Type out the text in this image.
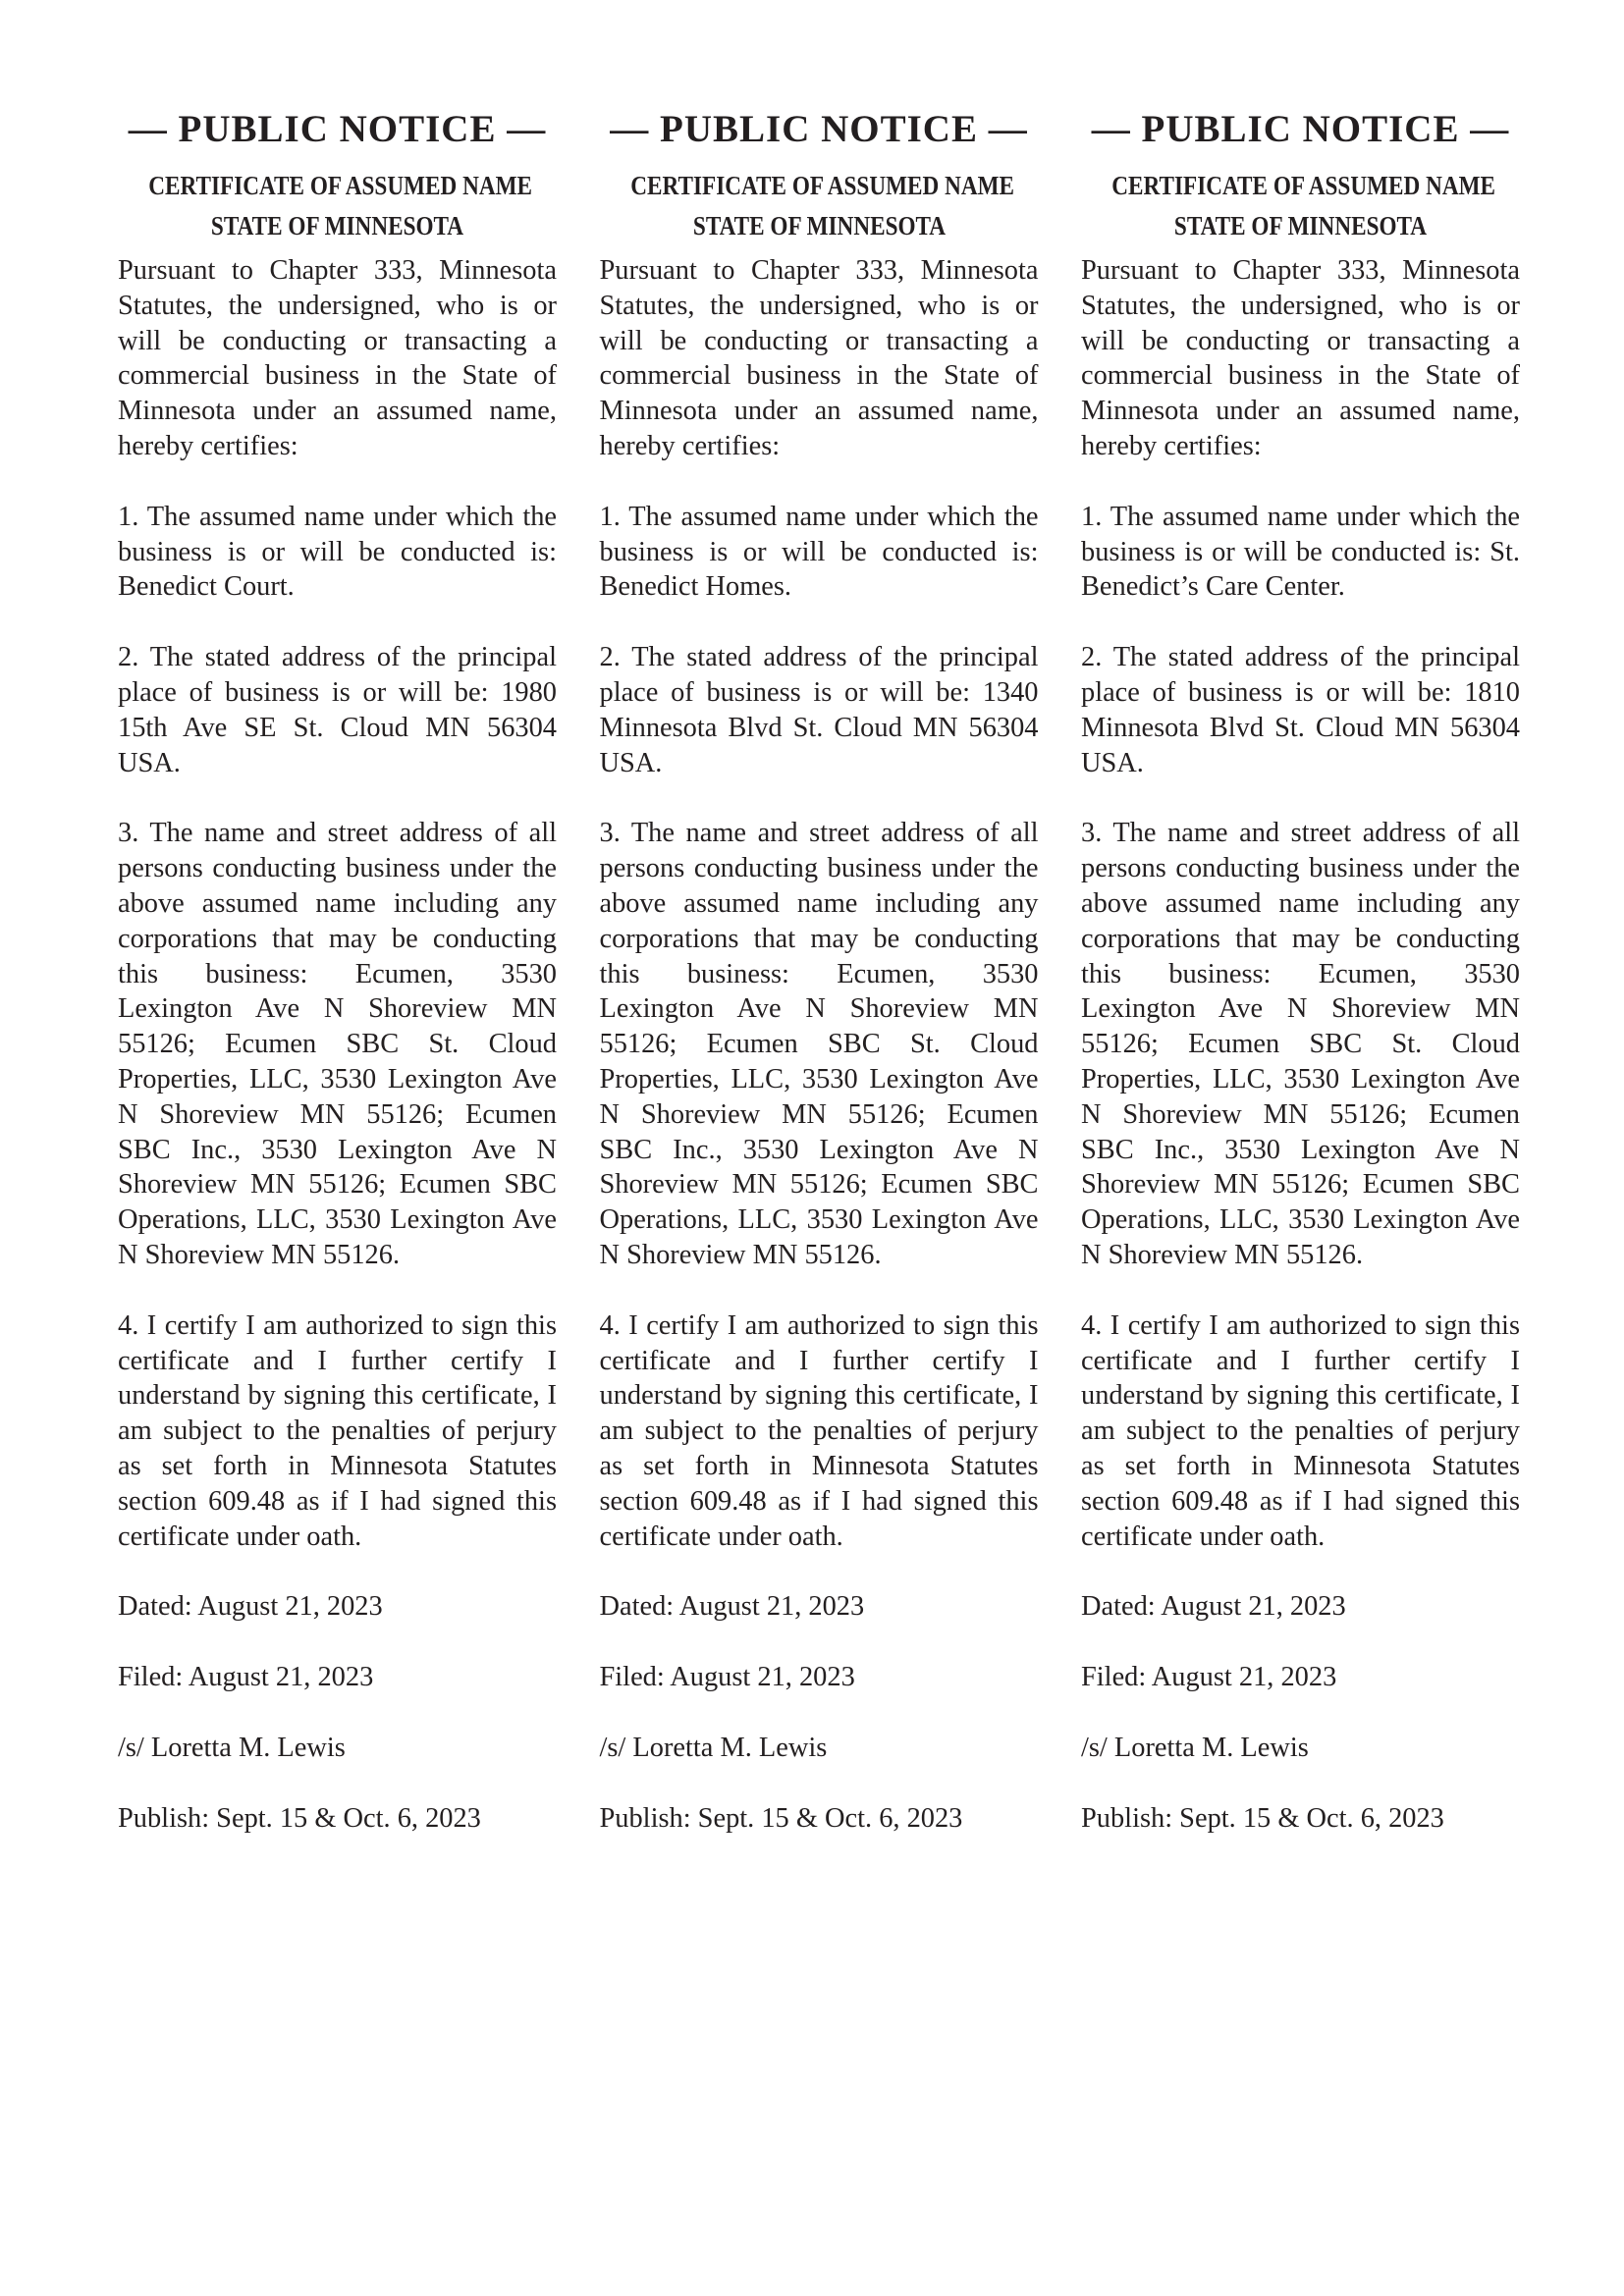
— PUBLIC NOTICE —
CERTIFICATE OF ASSUMED NAME
STATE OF MINNESOTA

Pursuant to Chapter 333, Minnesota Statutes, the undersigned, who is or will be conducting or transacting a commercial business in the State of Minnesota under an assumed name, hereby certifies:

1. The assumed name under which the business is or will be conducted is: Benedict Court.

2. The stated address of the principal place of business is or will be: 1980 15th Ave SE St. Cloud MN 56304 USA.

3. The name and street address of all persons conducting business under the above assumed name including any corporations that may be conducting this business: Ecumen, 3530 Lexington Ave N Shoreview MN 55126; Ecumen SBC St. Cloud Properties, LLC, 3530 Lexington Ave N Shoreview MN 55126; Ecumen SBC Inc., 3530 Lexington Ave N Shoreview MN 55126; Ecumen SBC Operations, LLC, 3530 Lexington Ave N Shoreview MN 55126.

4. I certify I am authorized to sign this certificate and I further certify I understand by signing this certificate, I am subject to the penalties of perjury as set forth in Minnesota Statutes section 609.48 as if I had signed this certificate under oath.

Dated: August 21, 2023

Filed: August 21, 2023

/s/ Loretta M. Lewis

Publish: Sept. 15 & Oct. 6, 2023

— PUBLIC NOTICE —
CERTIFICATE OF ASSUMED NAME
STATE OF MINNESOTA

Pursuant to Chapter 333, Minnesota Statutes, the undersigned, who is or will be conducting or transacting a commercial business in the State of Minnesota under an assumed name, hereby certifies:

1. The assumed name under which the business is or will be conducted is: Benedict Homes.

2. The stated address of the principal place of business is or will be: 1340 Minnesota Blvd St. Cloud MN 56304 USA.

3. The name and street address of all persons conducting business under the above assumed name including any corporations that may be conducting this business: Ecumen, 3530 Lexington Ave N Shoreview MN 55126; Ecumen SBC St. Cloud Properties, LLC, 3530 Lexington Ave N Shoreview MN 55126; Ecumen SBC Inc., 3530 Lexington Ave N Shoreview MN 55126; Ecumen SBC Operations, LLC, 3530 Lexington Ave N Shoreview MN 55126.

4. I certify I am authorized to sign this certificate and I further certify I understand by signing this certificate, I am subject to the penalties of perjury as set forth in Minnesota Statutes section 609.48 as if I had signed this certificate under oath.

Dated: August 21, 2023

Filed: August 21, 2023

/s/ Loretta M. Lewis

Publish: Sept. 15 & Oct. 6, 2023

— PUBLIC NOTICE —
CERTIFICATE OF ASSUMED NAME
STATE OF MINNESOTA

Pursuant to Chapter 333, Minnesota Statutes, the undersigned, who is or will be conducting or transacting a commercial business in the State of Minnesota under an assumed name, hereby certifies:

1. The assumed name under which the business is or will be conducted is: St. Benedict’s Care Center.

2. The stated address of the principal place of business is or will be: 1810 Minnesota Blvd St. Cloud MN 56304 USA.

3. The name and street address of all persons conducting business under the above assumed name including any corporations that may be conducting this business: Ecumen, 3530 Lexington Ave N Shoreview MN 55126; Ecumen SBC St. Cloud Properties, LLC, 3530 Lexington Ave N Shoreview MN 55126; Ecumen SBC Inc., 3530 Lexington Ave N Shoreview MN 55126; Ecumen SBC Operations, LLC, 3530 Lexington Ave N Shoreview MN 55126.

4. I certify I am authorized to sign this certificate and I further certify I understand by signing this certificate, I am subject to the penalties of perjury as set forth in Minnesota Statutes section 609.48 as if I had signed this certificate under oath.

Dated: August 21, 2023

Filed: August 21, 2023

/s/ Loretta M. Lewis

Publish: Sept. 15 & Oct. 6, 2023
